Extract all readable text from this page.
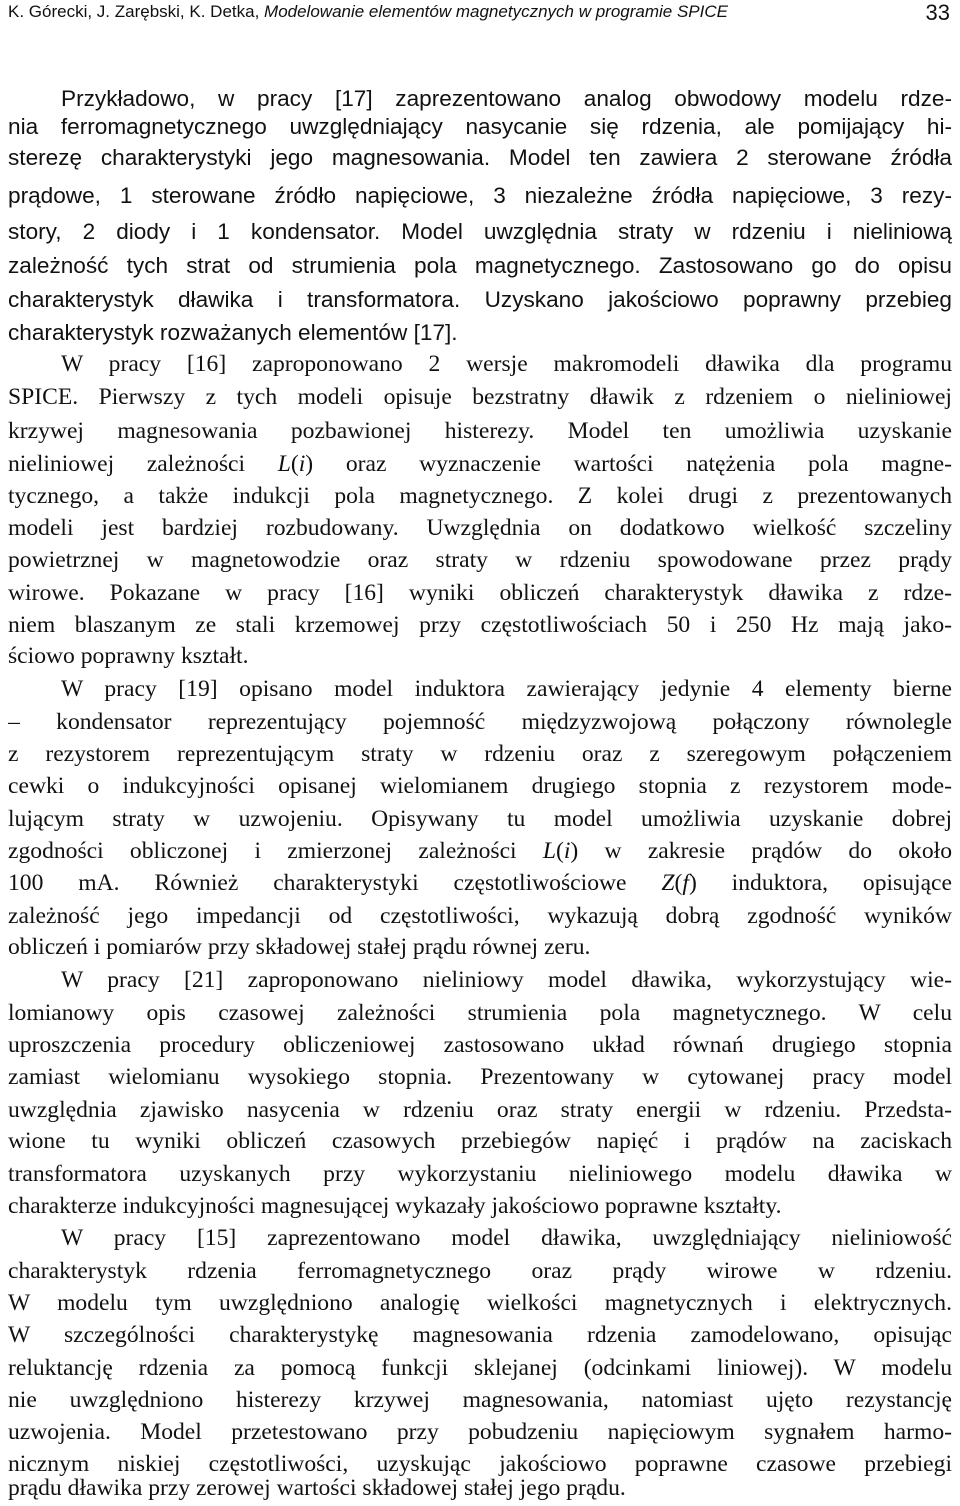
K. Górecki, J. Zarębski, K. Detka, Modelowanie elementów magnetycznych w programie SPICE	33
Przykładowo, w pracy [17] zaprezentowano analog obwodowy modelu rdze-
nia ferromagnetycznego uwzględniający nasycanie się rdzenia, ale pomijający hi-
sterezę charakterystyki jego magnesowania. Model ten zawiera 2 sterowane źródła
prądowe, 1 sterowane źródło napięciowe, 3 niezależne źródła napięciowe, 3 rezy-
story, 2 diody i 1 kondensator. Model uwzględnia straty w rdzeniu i nieliniową
zależność tych strat od strumienia pola magnetycznego. Zastosowano go do opisu
charakterystyk dławika i transformatora. Uzyskano jakościowo poprawny przebieg
charakterystyk rozważanych elementów [17].
W pracy [16] zaproponowano 2 wersje makromodeli dławika dla programu
SPICE. Pierwszy z tych modeli opisuje bezstratny dławik z rdzeniem o nieliniowej
krzywej magnesowania pozbawionej histerezy. Model ten umożliwia uzyskanie
nieliniowej zależności L(i) oraz wyznaczenie wartości natężenia pola magne-
tycznego, a także indukcji pola magnetycznego. Z kolei drugi z prezentowanych
modeli jest bardziej rozbudowany. Uwzględnia on dodatkowo wielkość szczeliny
powietrznej w magnetowodzie oraz straty w rdzeniu spowodowane przez prądy
wirowe. Pokazane w pracy [16] wyniki obliczeń charakterystyk dławika z rdze-
niem blaszanym ze stali krzemowej przy częstotliwościach 50 i 250 Hz mają jako-
ściowo poprawny kształt.
W pracy [19] opisano model induktora zawierający jedynie 4 elementy bierne
– kondensator reprezentujący pojemność międzyzwojową połączony równolegle
z rezystorem reprezentującym straty w rdzeniu oraz z szeregowym połączeniem
cewki o indukcyjności opisanej wielomianem drugiego stopnia z rezystorem mode-
lującym straty w uzwojeniu. Opisywany tu model umożliwia uzyskanie dobrej
zgodności obliczonej i zmierzonej zależności L(i) w zakresie prądów do około
100 mA. Również charakterystyki częstotliwościowe Z(f) induktora, opisujące
zależność jego impedancji od częstotliwości, wykazują dobrą zgodność wyników
obliczeń i pomiarów przy składowej stałej prądu równej zeru.
W pracy [21] zaproponowano nieliniowy model dławika, wykorzystujący wie-
lomianowy opis czasowej zależności strumienia pola magnetycznego. W celu
uproszczenia procedury obliczeniowej zastosowano układ równań drugiego stopnia
zamiast wielomianu wysokiego stopnia. Prezentowany w cytowanej pracy model
uwzględnia zjawisko nasycenia w rdzeniu oraz straty energii w rdzeniu. Przedsta-
wione tu wyniki obliczeń czasowych przebiegów napięć i prądów na zaciskach
transformatora uzyskanych przy wykorzystaniu nieliniowego modelu dławika w
charakterze indukcyjności magnesującej wykazały jakościowo poprawne kształty.
W pracy [15] zaprezentowano model dławika, uwzględniający nieliniowość
charakterystyk rdzenia ferromagnetycznego oraz prądy wirowe w rdzeniu.
W modelu tym uwzględniono analogię wielkości magnetycznych i elektrycznych.
W szczególności charakterystykę magnesowania rdzenia zamodelowano, opisując
reluktancję rdzenia za pomocą funkcji sklejanej (odcinkami liniowej). W modelu
nie uwzględniono histerezy krzywej magnesowania, natomiast ujęto rezystancję
uzwojenia. Model przetestowano przy pobudzeniu napięciowym sygnałem harmo-
nicznym niskiej częstotliwości, uzyskując jakościowo poprawne czasowe przebiegi
prądu dławika przy zerowej wartości składowej stałej jego prądu.
